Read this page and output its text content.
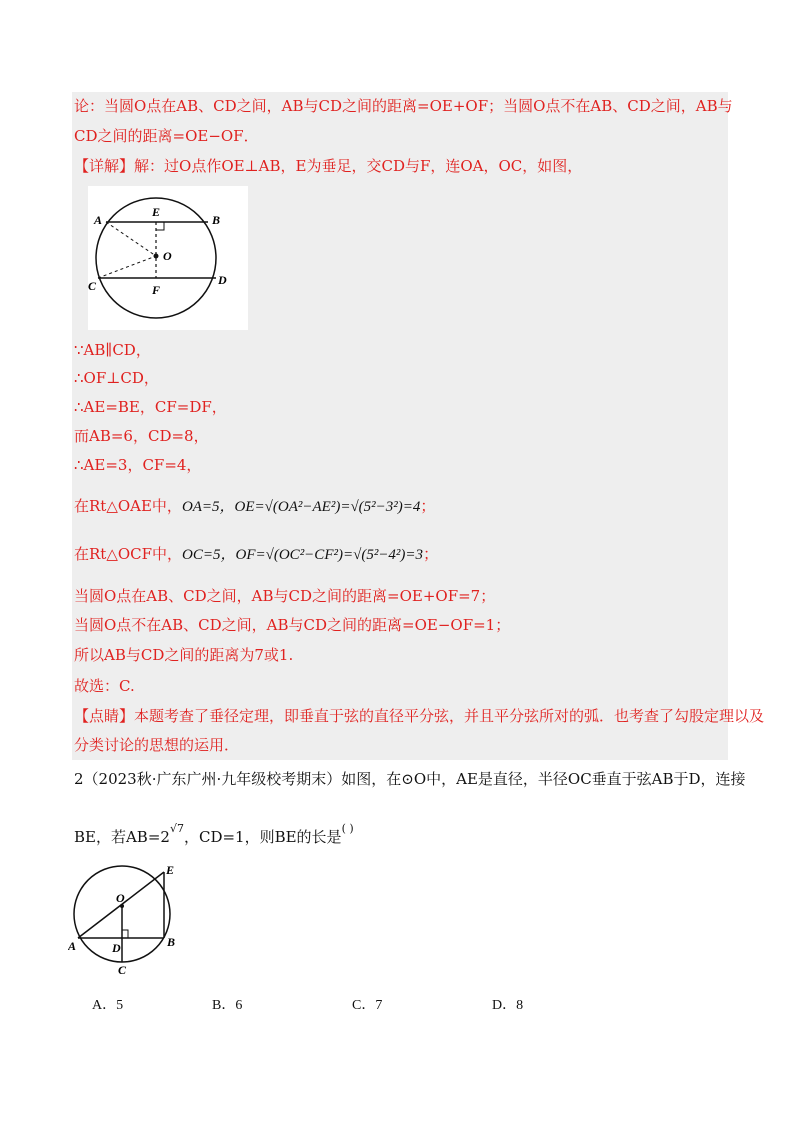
论：当圆O点在AB、CD之间，AB与CD之间的距离=OE+OF；当圆O点不在AB、CD之间，AB与
CD之间的距离=OE−OF．
【详解】解：过O点作OE⊥AB，E为垂足，交CD与F，连OA，OC，如图，
A	B
C	D
E
F
O
∵AB∥CD，
∴OF⊥CD，
∴AE=BE，CF=DF，
而AB=6，CD=8，
∴AE=3，CF=4，
在Rt△OAE中，OA=5，OE=√(OA²−AE²)=√(5²−3²)=4；
在Rt△OCF中，OC=5，OF=√(OC²−CF²)=√(5²−4²)=3；
当圆O点在AB、CD之间，AB与CD之间的距离=OE+OF=7；
当圆O点不在AB、CD之间，AB与CD之间的距离=OE−OF=1；
所以AB与CD之间的距离为7或1.
故选：C.
【点睛】本题考查了垂径定理，即垂直于弦的直径平分弦，并且平分弦所对的弧．也考查了勾股定理以及
分类讨论的思想的运用．
2（2023秋·广东广州·九年级校考期末）如图，在⊙O中，AE是直径，半径OC垂直于弦AB于D，连接
BE，若$AB=2^{√7}$，CD=1，则BE的长是( )
A	B
C
D
E
O
A．5	B．6	C．7	D．8
